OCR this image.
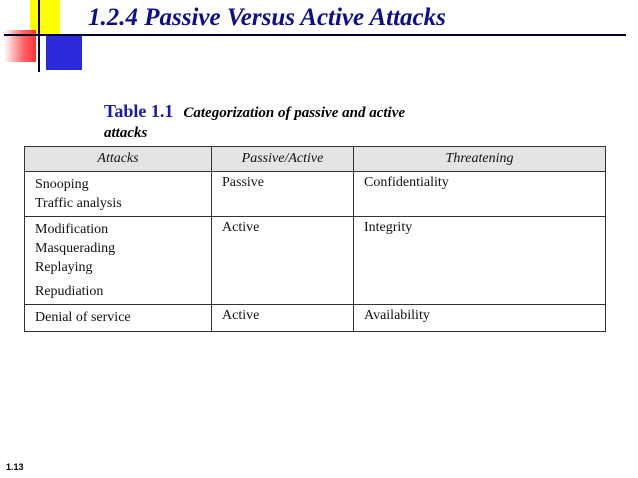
1.2.4 Passive Versus Active Attacks
Table 1.1 Categorization of passive and active
attacks
Attacks	Passive/Active	Threatening

Snooping
Traffic analysis	Passive	Confidentiality

Modification
Masquerading
Replaying
Repudiation	Active	Integrity

Denial of service	Active	Availability
1.13
